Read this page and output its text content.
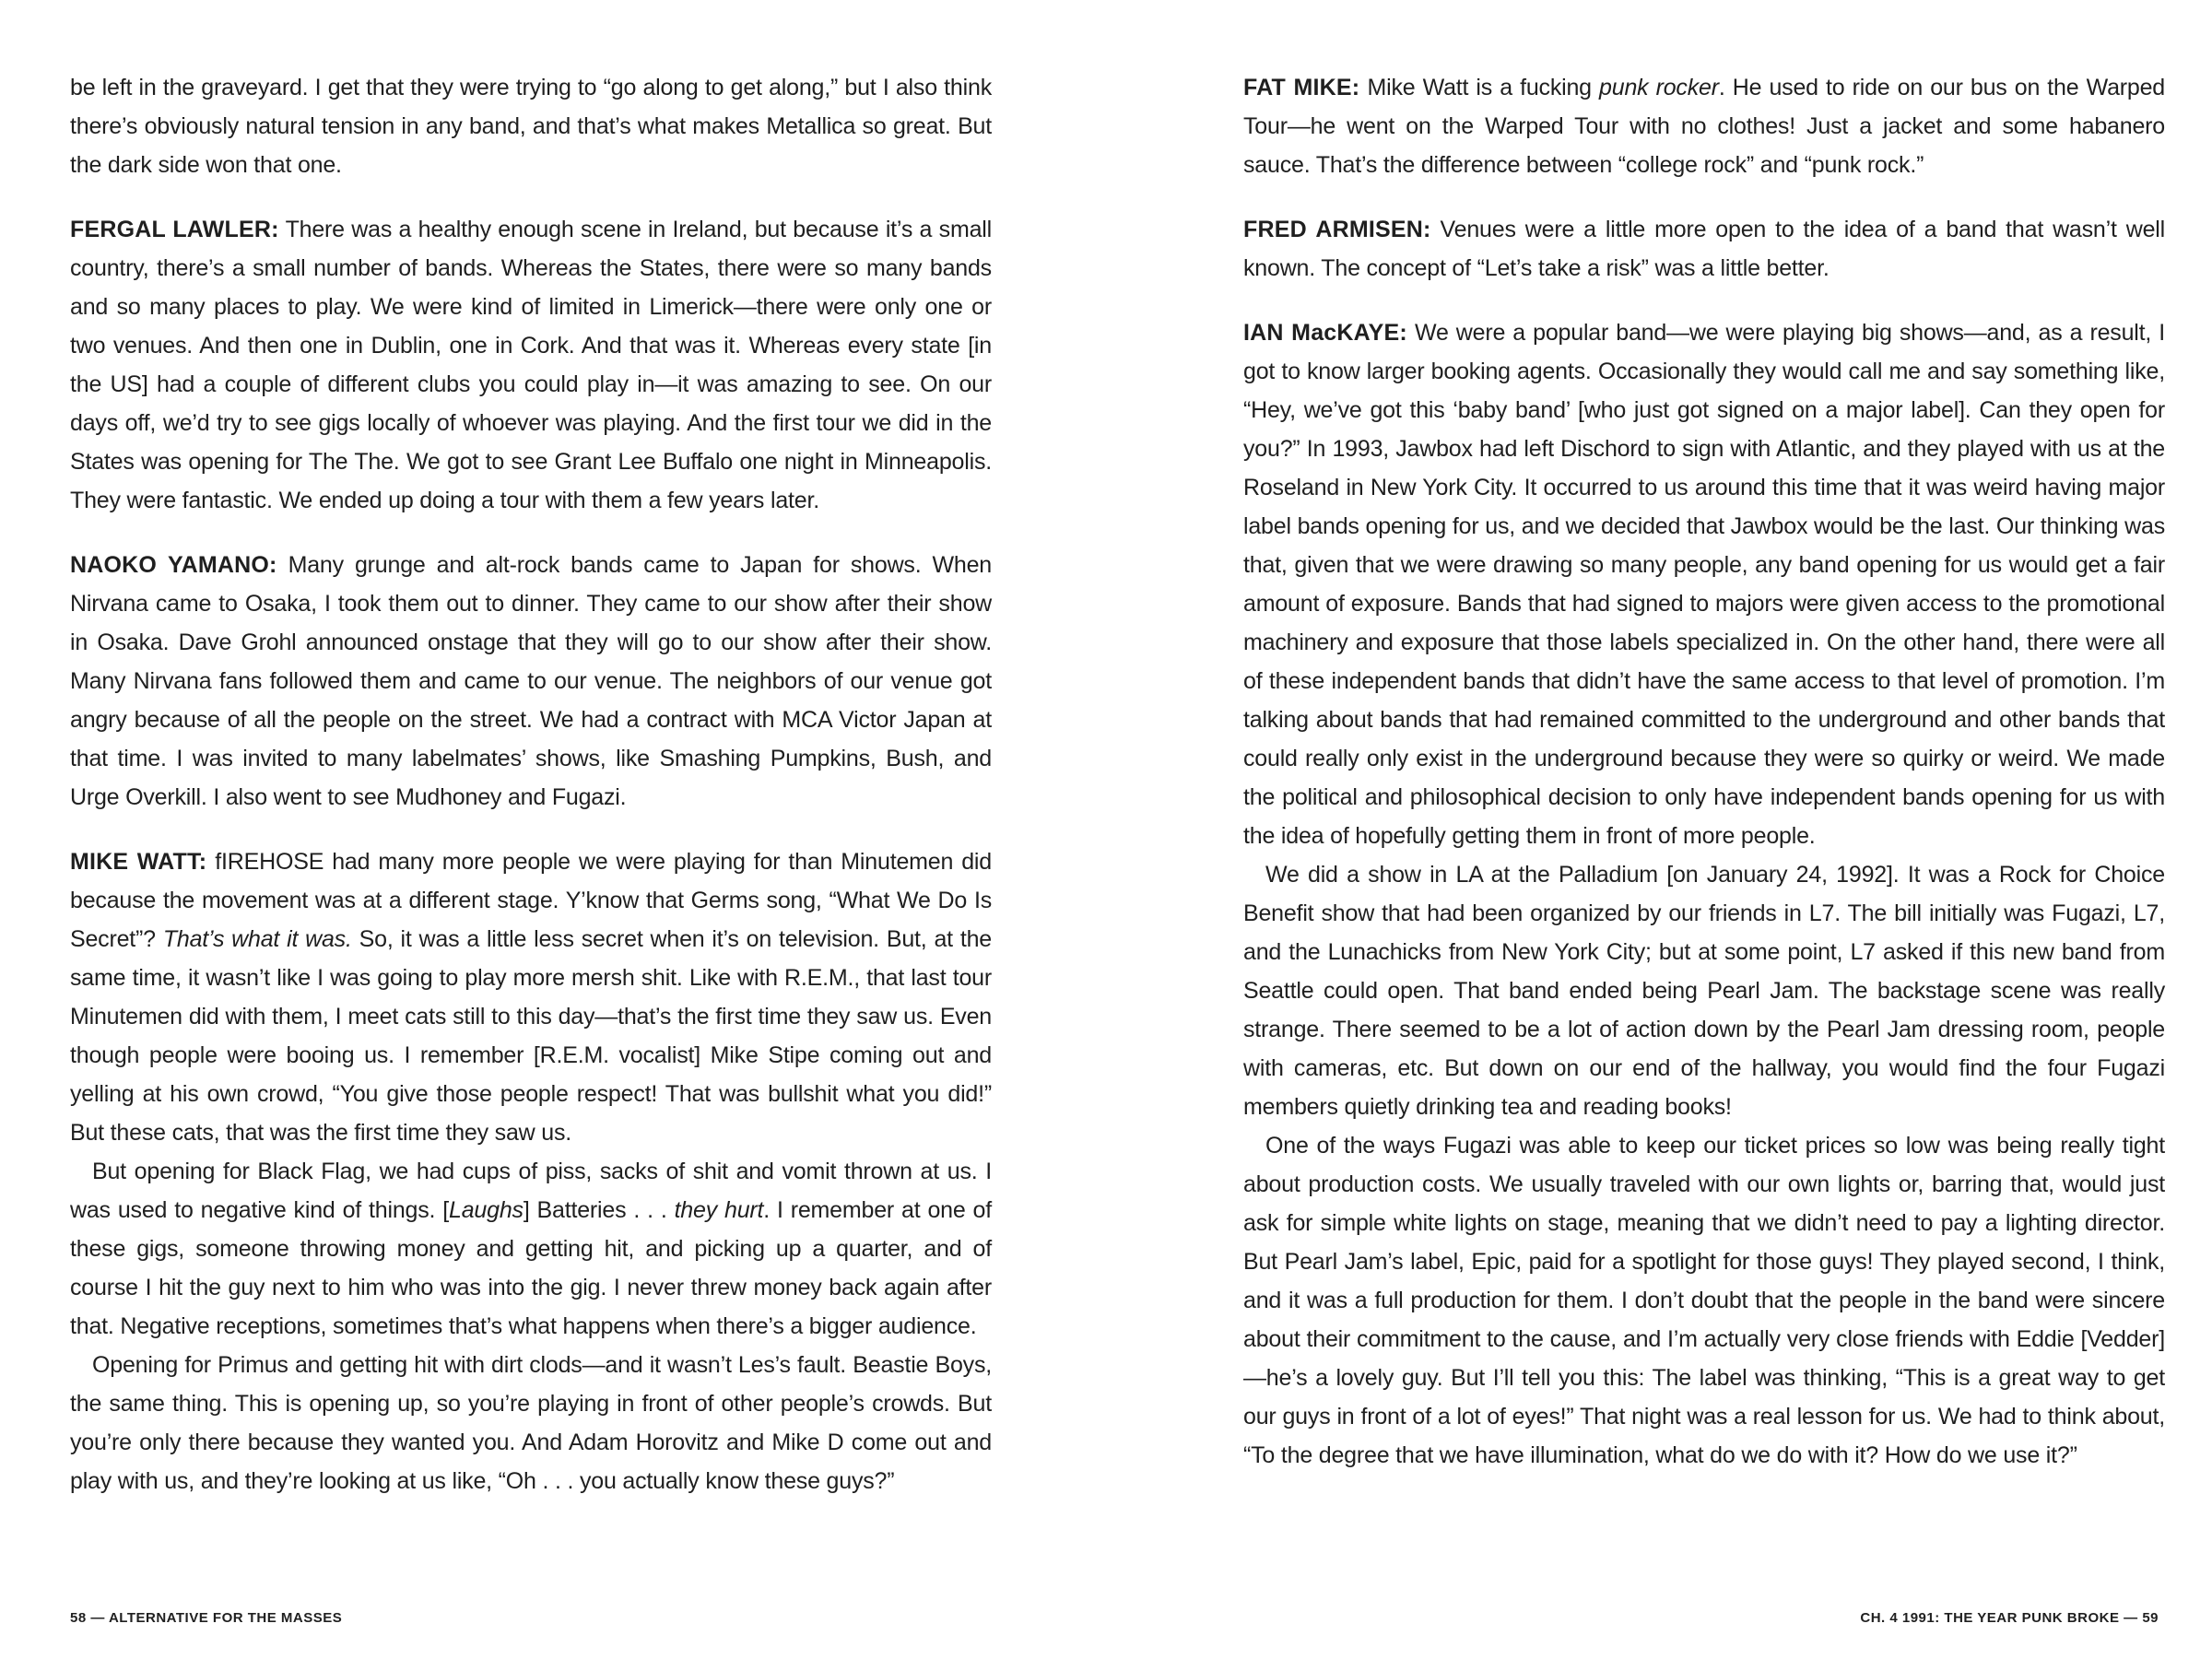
be left in the graveyard. I get that they were trying to “go along to get along,” but I also think there’s obviously natural tension in any band, and that’s what makes Metallica so great. But the dark side won that one.

FERGAL LAWLER: There was a healthy enough scene in Ireland, but because it’s a small country, there’s a small number of bands. Whereas the States, there were so many bands and so many places to play. We were kind of limited in Limerick—there were only one or two venues. And then one in Dublin, one in Cork. And that was it. Whereas every state [in the US] had a couple of different clubs you could play in—it was amazing to see. On our days off, we’d try to see gigs locally of whoever was playing. And the first tour we did in the States was opening for The The. We got to see Grant Lee Buffalo one night in Minneapolis. They were fantastic. We ended up doing a tour with them a few years later.

NAOKO YAMANO: Many grunge and alt-rock bands came to Japan for shows. When Nirvana came to Osaka, I took them out to dinner. They came to our show after their show in Osaka. Dave Grohl announced onstage that they will go to our show after their show. Many Nirvana fans followed them and came to our venue. The neighbors of our venue got angry because of all the people on the street. We had a contract with MCA Victor Japan at that time. I was invited to many labelmates’ shows, like Smashing Pumpkins, Bush, and Urge Overkill. I also went to see Mudhoney and Fugazi.

MIKE WATT: fIREHOSE had many more people we were playing for than Minutemen did because the movement was at a different stage. Y’know that Germs song, “What We Do Is Secret”? That’s what it was. So, it was a little less secret when it’s on television. But, at the same time, it wasn’t like I was going to play more mersh shit. Like with R.E.M., that last tour Minutemen did with them, I meet cats still to this day—that’s the first time they saw us. Even though people were booing us. I remember [R.E.M. vocalist] Mike Stipe coming out and yelling at his own crowd, “You give those people respect! That was bullshit what you did!” But these cats, that was the first time they saw us.

But opening for Black Flag, we had cups of piss, sacks of shit and vomit thrown at us. I was used to negative kind of things. [Laughs] Batteries . . . they hurt. I remember at one of these gigs, someone throwing money and getting hit, and picking up a quarter, and of course I hit the guy next to him who was into the gig. I never threw money back again after that. Negative receptions, sometimes that’s what happens when there’s a bigger audience.

Opening for Primus and getting hit with dirt clods—and it wasn’t Les’s fault. Beastie Boys, the same thing. This is opening up, so you’re playing in front of other people’s crowds. But you’re only there because they wanted you. And Adam Horovitz and Mike D come out and play with us, and they’re looking at us like, “Oh . . . you actually know these guys?”

FAT MIKE: Mike Watt is a fucking punk rocker. He used to ride on our bus on the Warped Tour—he went on the Warped Tour with no clothes! Just a jacket and some habanero sauce. That’s the difference between “college rock” and “punk rock.”

FRED ARMISEN: Venues were a little more open to the idea of a band that wasn’t well known. The concept of “Let’s take a risk” was a little better.

IAN MacKAYE: We were a popular band—we were playing big shows—and, as a result, I got to know larger booking agents. Occasionally they would call me and say something like, “Hey, we’ve got this ‘baby band’ [who just got signed on a major label]. Can they open for you?” In 1993, Jawbox had left Dischord to sign with Atlantic, and they played with us at the Roseland in New York City. It occurred to us around this time that it was weird having major label bands opening for us, and we decided that Jawbox would be the last. Our thinking was that, given that we were drawing so many people, any band opening for us would get a fair amount of exposure. Bands that had signed to majors were given access to the promotional machinery and exposure that those labels specialized in. On the other hand, there were all of these independent bands that didn’t have the same access to that level of promotion. I’m talking about bands that had remained committed to the underground and other bands that could really only exist in the underground because they were so quirky or weird. We made the political and philosophical decision to only have independent bands opening for us with the idea of hopefully getting them in front of more people.

We did a show in LA at the Palladium [on January 24, 1992]. It was a Rock for Choice Benefit show that had been organized by our friends in L7. The bill initially was Fugazi, L7, and the Lunachicks from New York City; but at some point, L7 asked if this new band from Seattle could open. That band ended being Pearl Jam. The backstage scene was really strange. There seemed to be a lot of action down by the Pearl Jam dressing room, people with cameras, etc. But down on our end of the hallway, you would find the four Fugazi members quietly drinking tea and reading books!

One of the ways Fugazi was able to keep our ticket prices so low was being really tight about production costs. We usually traveled with our own lights or, barring that, would just ask for simple white lights on stage, meaning that we didn’t need to pay a lighting director. But Pearl Jam’s label, Epic, paid for a spotlight for those guys! They played second, I think, and it was a full production for them. I don’t doubt that the people in the band were sincere about their commitment to the cause, and I’m actually very close friends with Eddie [Vedder]—he’s a lovely guy. But I’ll tell you this: The label was thinking, “This is a great way to get our guys in front of a lot of eyes!” That night was a real lesson for us. We had to think about, “To the degree that we have illumination, what do we do with it? How do we use it?”

58 — ALTERNATIVE FOR THE MASSES	CH. 4 1991: THE YEAR PUNK BROKE — 59
